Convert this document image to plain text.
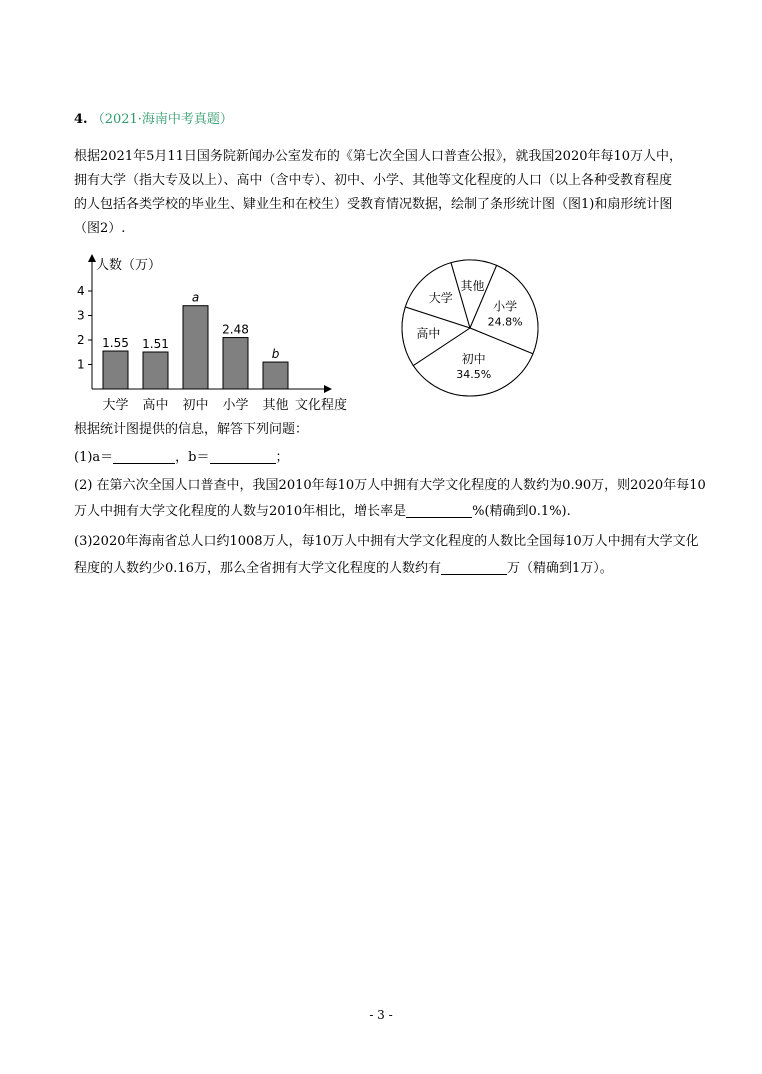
4. （2021·海南中考真题）

根据2021年5月11日国务院新闻办公室发布的《第七次全国人口普查公报》，就我国2020年每10万人中，

拥有大学（指大专及以上）、高中（含中专）、初中、小学、其他等文化程度的人口（以上各种受教育程度

的人包括各类学校的毕业生、肄业生和在校生）受教育情况数据，绘制了条形统计图（图1)和扇形统计图

（图2）.

人数（万）
文化程度
1
2
3
4
1.55
大学
1.51
高中
a
初中
2.48
小学
b
其他
大学
其他
小学
24.8%
初中
34.5%
高中
根据统计图提供的信息，解答下列问题：
(1)a＝	，b＝	；
(2) 在第六次全国人口普查中，我国2010年每10万人中拥有大学文化程度的人数约为0.90万，则2020年每10
万人中拥有大学文化程度的人数与2010年相比，增长率是	%(精确到0.1%).
(3)2020年海南省总人口约1008万人，每10万人中拥有大学文化程度的人数比全国每10万人中拥有大学文化
程度的人数约少0.16万，那么全省拥有大学文化程度的人数约有	万（精确到1万）。
- 3 -
